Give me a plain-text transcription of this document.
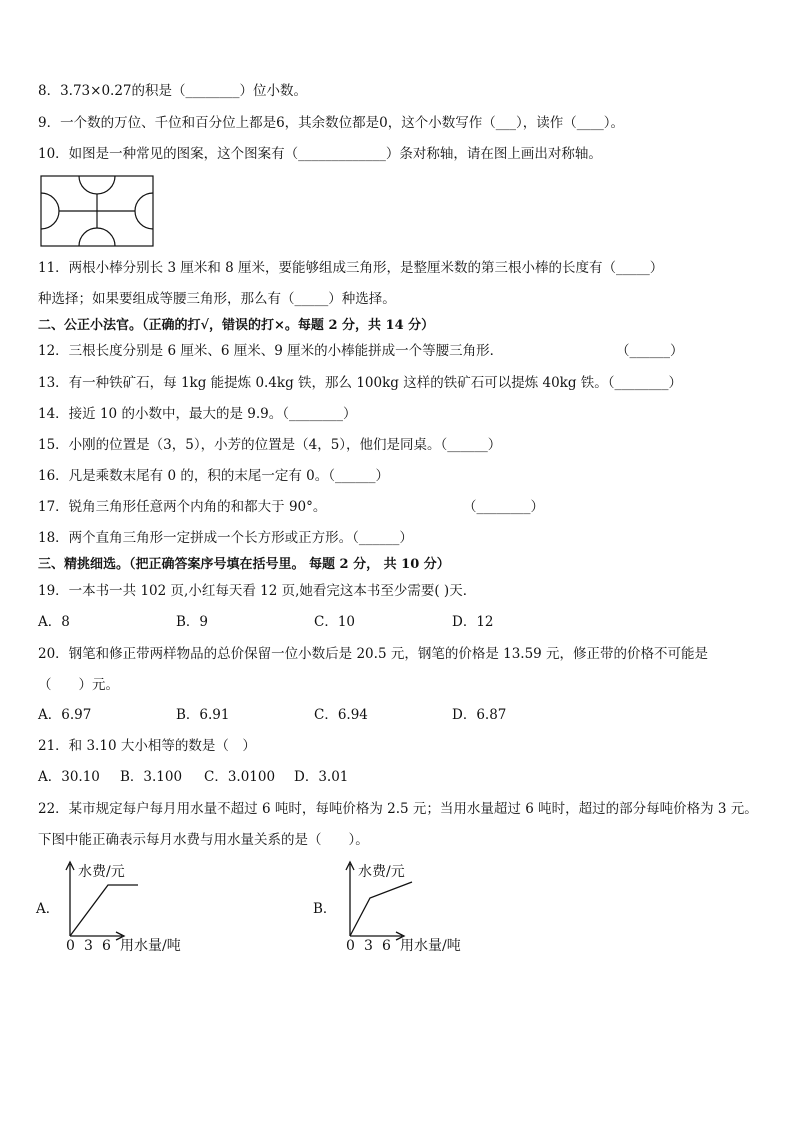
8．3.73×0.27的积是（________）位小数。
9．一个数的万位、千位和百分位上都是6，其余数位都是0，这个小数写作（___），读作（____）。
10．如图是一种常见的图案，这个图案有（_____________）条对称轴，请在图上画出对称轴。
11．两根小棒分别长 3 厘米和 8 厘米，要能够组成三角形，是整厘米数的第三根小棒的长度有（_____）
种选择；如果要组成等腰三角形，那么有（_____）种选择。
二、公正小法官。（正确的打√，错误的打×。每题 2 分，共 14 分）
12．三根长度分别是 6 厘米、6 厘米、9 厘米的小棒能拼成一个等腰三角形．	（______）
13．有一种铁矿石，每 1kg 能提炼 0.4kg 铁，那么 100kg 这样的铁矿石可以提炼 40kg 铁。（________）
14．接近 10 的小数中，最大的是 9.9。（________）
15．小刚的位置是（3，5），小芳的位置是（4，5），他们是同桌。（______）
16．凡是乘数末尾有 0 的，积的末尾一定有 0。（______）
17．锐角三角形任意两个内角的和都大于 90°。	（________）
18．两个直角三角形一定拼成一个长方形或正方形。（______）
三、精挑细选。（把正确答案序号填在括号里。 每题 2 分， 共 10 分）
19．一本书一共 102 页,小红每天看 12 页,她看完这本书至少需要( )天．
A．8	B．9	C．10	D．12
20．钢笔和修正带两样物品的总价保留一位小数后是 20.5 元，钢笔的价格是 13.59 元，修正带的价格不可能是
（　　）元。
A．6.97	B．6.91	C．6.94	D．6.87
21．和 3.10 大小相等的数是（　）
A．30.10 B．3.100 C．3.0100 D．3.01
22．某市规定每户每月用水量不超过 6 吨时，每吨价格为 2.5 元；当用水量超过 6 吨时，超过的部分每吨价格为 3 元。
下图中能正确表示每月水费与用水量关系的是（　　）。
A．
水费/元
0 3 6 用水量/吨
B．
水费/元
0 3 6 用水量/吨
